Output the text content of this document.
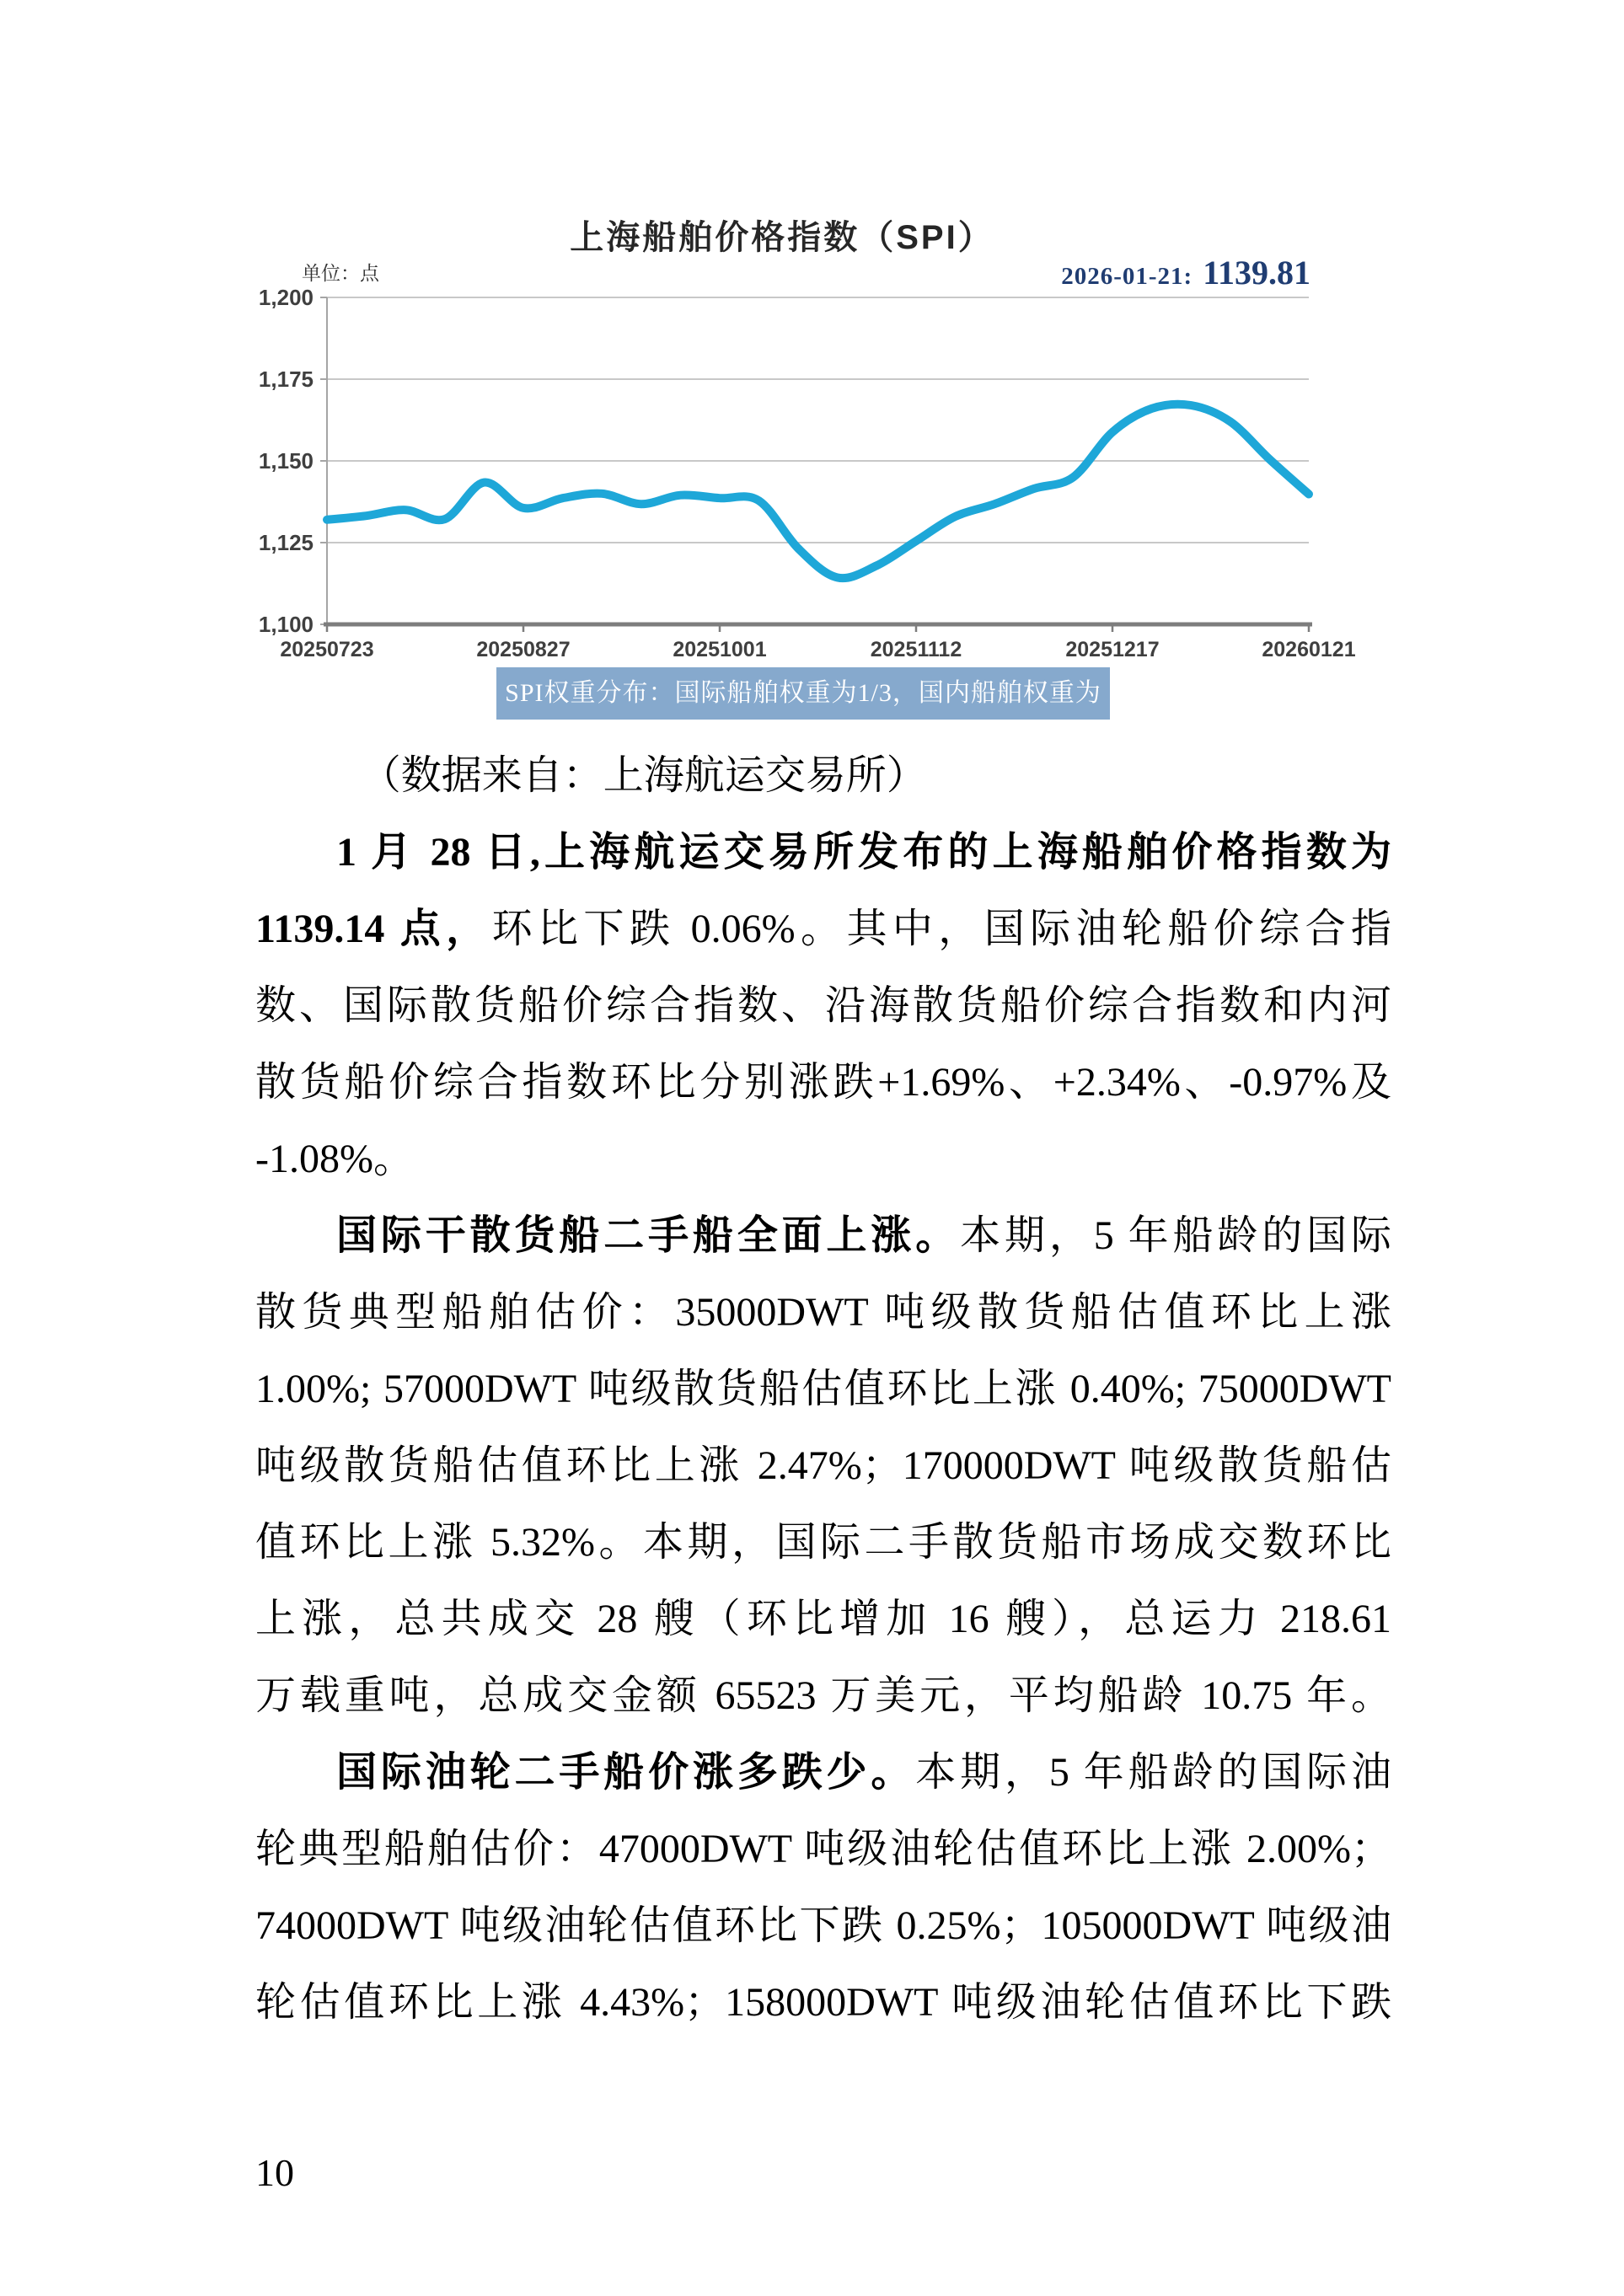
上海船舶价格指数（SPI）
2026-01-21: 1139.81
单位：点
1,100
1,125
1,150
1,175
1,200
20250723	20250827	20251001	20251112	20251217	20260121
SPI权重分布：国际船舶权重为1/3，国内船舶权重为2/3
（数据来自：上海航运交易所）
1 月 28 日,上海航运交易所发布的上海船舶价格指数为
1139.14 点，环比下跌 0.06%。其中，国际油轮船价综合指
数、国际散货船价综合指数、沿海散货船价综合指数和内河
散货船价综合指数环比分别涨跌+1.69%、+2.34%、-0.97%及
-1.08%。
国际干散货船二手船全面上涨。本期，5 年船龄的国际
散货典型船舶估价：35000DWT 吨级散货船估值环比上涨
1.00%; 57000DWT 吨级散货船估值环比上涨 0.40%; 75000DWT
吨级散货船估值环比上涨 2.47%；170000DWT 吨级散货船估
值环比上涨 5.32%。本期，国际二手散货船市场成交数环比
上涨，总共成交 28 艘（环比增加 16 艘），总运力 218.61
万载重吨，总成交金额 65523 万美元，平均船龄 10.75 年。
国际油轮二手船价涨多跌少。本期，5 年船龄的国际油
轮典型船舶估价：47000DWT 吨级油轮估值环比上涨 2.00%；
74000DWT 吨级油轮估值环比下跌 0.25%；105000DWT 吨级油
轮估值环比上涨 4.43%；158000DWT 吨级油轮估值环比下跌
10
